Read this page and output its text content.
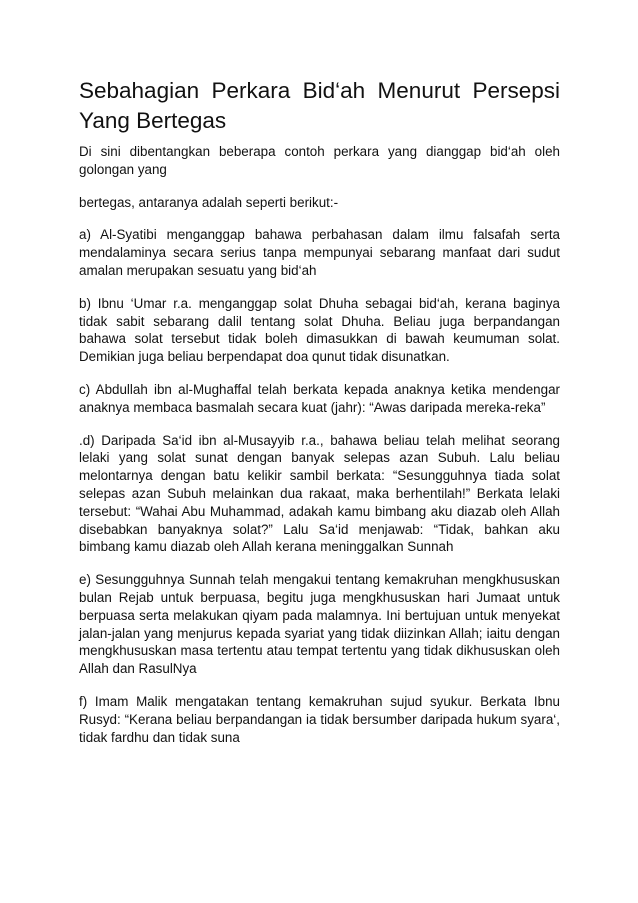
Sebahagian Perkara Bid‘ah Menurut Persepsi Yang Bertegas

Di sini dibentangkan beberapa contoh perkara yang dianggap bid‘ah oleh golongan yang

bertegas, antaranya adalah seperti berikut:-

a) Al-Syatibi menganggap bahawa perbahasan dalam ilmu falsafah serta mendalaminya secara serius tanpa mempunyai sebarang manfaat dari sudut amalan merupakan sesuatu yang bid‘ah

b) Ibnu ‘Umar r.a. menganggap solat Dhuha sebagai bid‘ah, kerana baginya tidak sabit sebarang dalil tentang solat Dhuha. Beliau juga berpandangan bahawa solat tersebut tidak boleh dimasukkan di bawah keumuman solat. Demikian juga beliau berpendapat doa qunut tidak disunatkan.

c) Abdullah ibn al-Mughaffal telah berkata kepada anaknya ketika mendengar anaknya membaca basmalah secara kuat (jahr): “Awas daripada mereka-reka”

.d) Daripada Sa‘id ibn al-Musayyib r.a., bahawa beliau telah melihat seorang lelaki yang solat sunat dengan banyak selepas azan Subuh. Lalu beliau melontarnya dengan batu kelikir sambil berkata: “Sesungguhnya tiada solat selepas azan Subuh melainkan dua rakaat, maka berhentilah!” Berkata lelaki tersebut: “Wahai Abu Muhammad, adakah kamu bimbang aku diazab oleh Allah disebabkan banyaknya solat?” Lalu Sa‘id menjawab: “Tidak, bahkan aku bimbang kamu diazab oleh Allah kerana meninggalkan Sunnah

e) Sesungguhnya Sunnah telah mengakui tentang kemakruhan mengkhususkan bulan Rejab untuk berpuasa, begitu juga mengkhususkan hari Jumaat untuk berpuasa serta melakukan qiyam pada malamnya. Ini bertujuan untuk menyekat jalan-jalan yang menjurus kepada syariat yang tidak diizinkan Allah; iaitu dengan mengkhususkan masa tertentu atau tempat tertentu yang tidak dikhususkan oleh Allah dan RasulNya

f) Imam Malik mengatakan tentang kemakruhan sujud syukur. Berkata Ibnu Rusyd: “Kerana beliau berpandangan ia tidak bersumber daripada hukum syara‘, tidak fardhu dan tidak suna
